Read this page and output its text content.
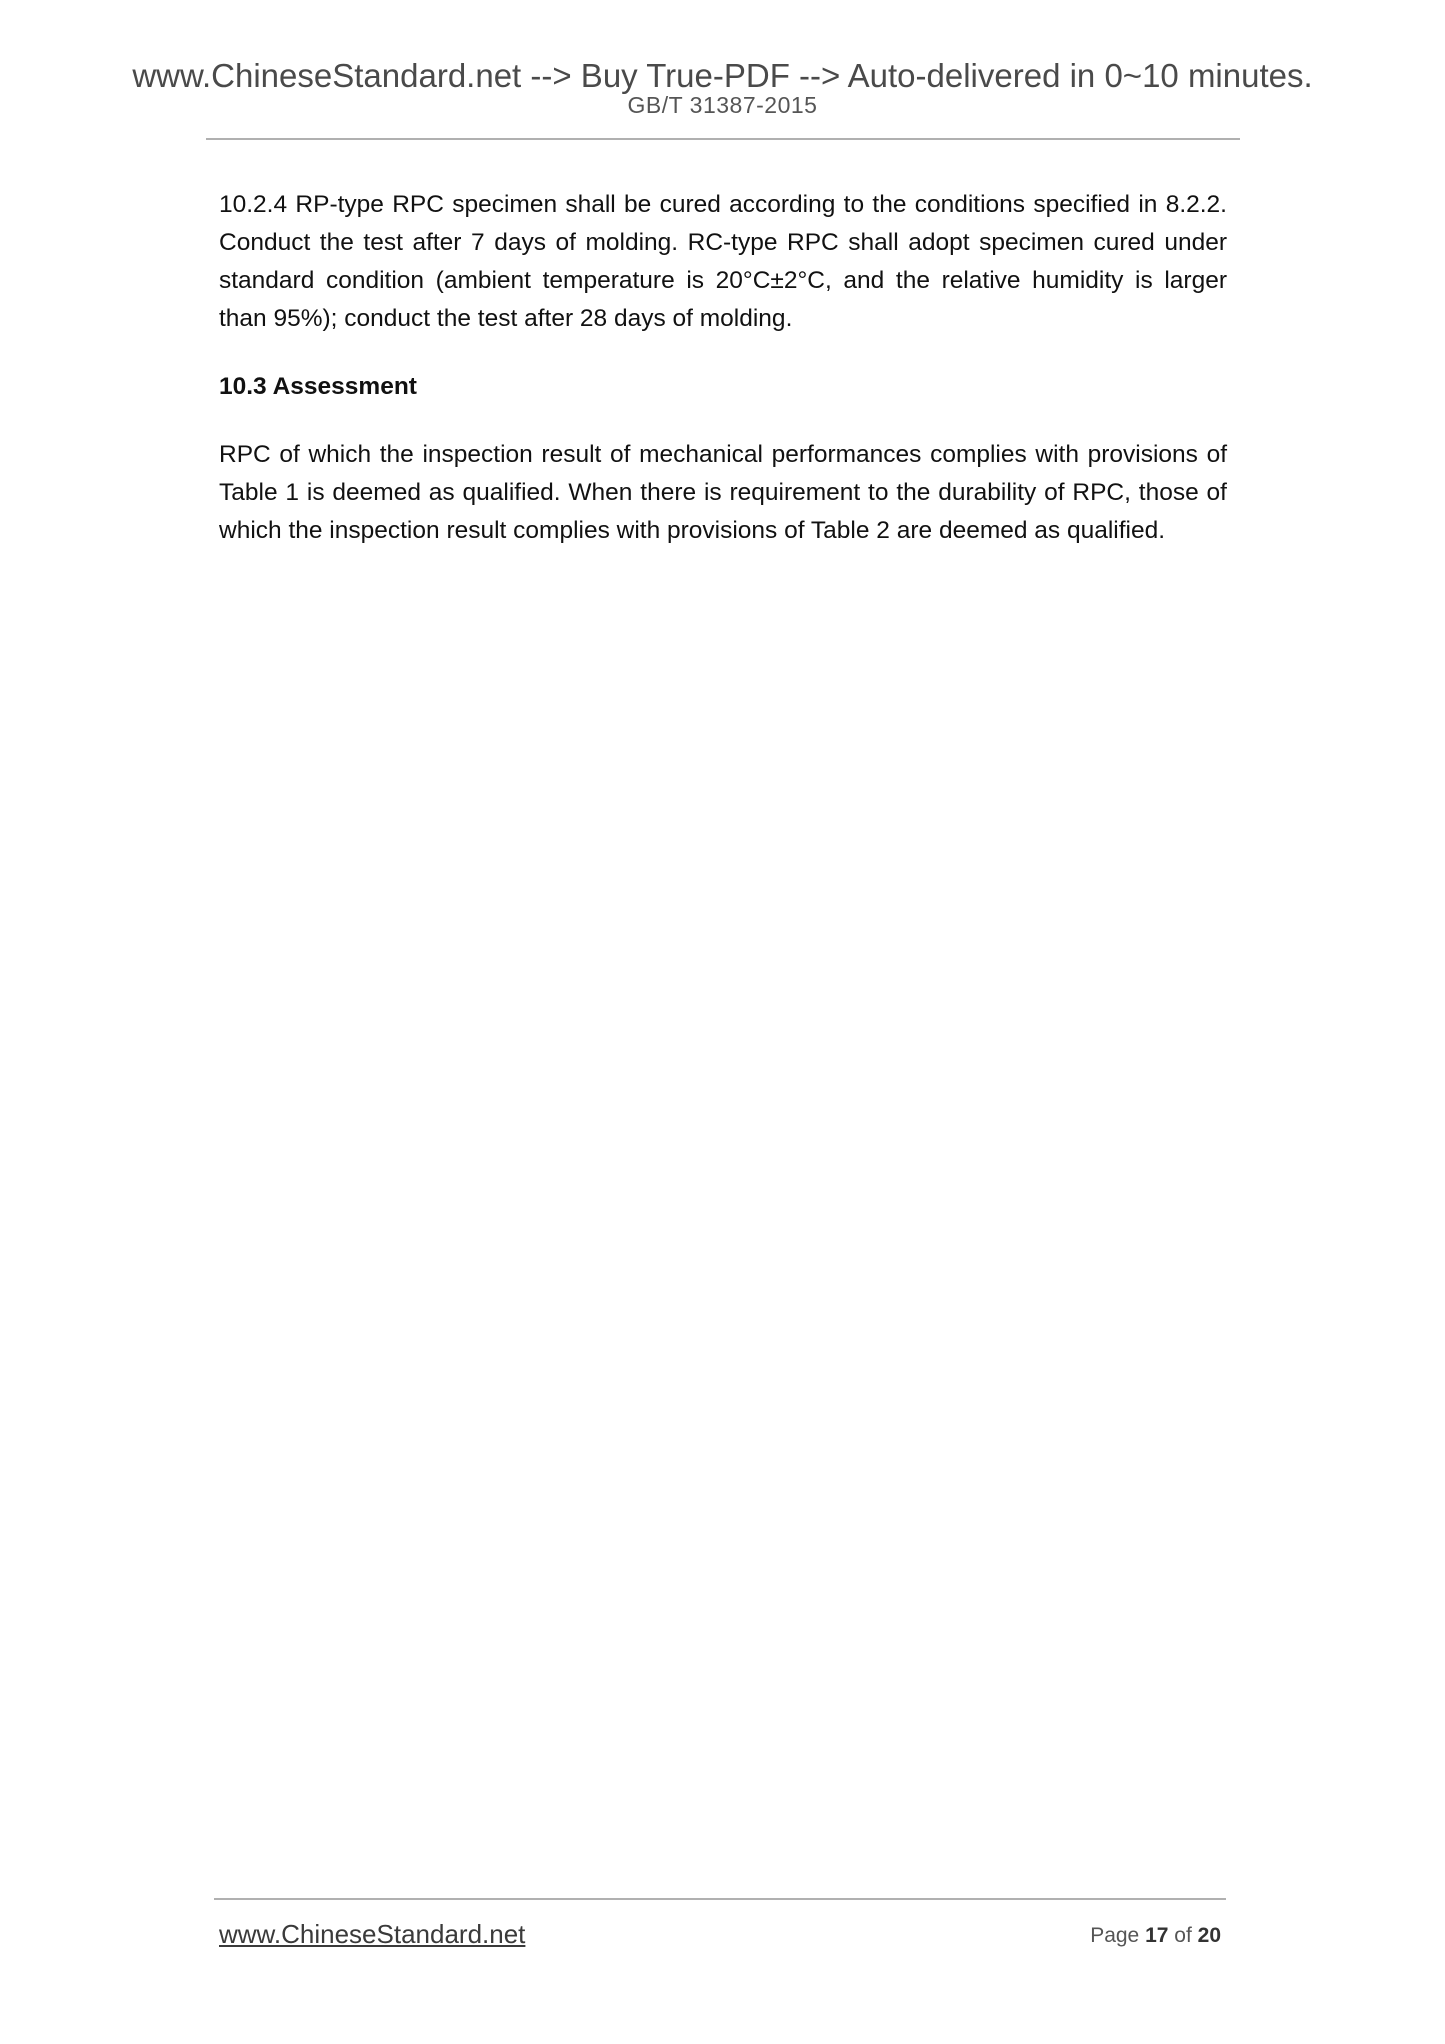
www.ChineseStandard.net --> Buy True-PDF --> Auto-delivered in 0~10 minutes.
GB/T 31387-2015

10.2.4 RP-type RPC specimen shall be cured according to the conditions specified in 8.2.2. Conduct the test after 7 days of molding. RC-type RPC shall adopt specimen cured under standard condition (ambient temperature is 20°C±2°C, and the relative humidity is larger than 95%); conduct the test after 28 days of molding.

10.3 Assessment

RPC of which the inspection result of mechanical performances complies with provisions of Table 1 is deemed as qualified. When there is requirement to the durability of RPC, those of which the inspection result complies with provisions of Table 2 are deemed as qualified.

www.ChineseStandard.net	Page 17 of 20
